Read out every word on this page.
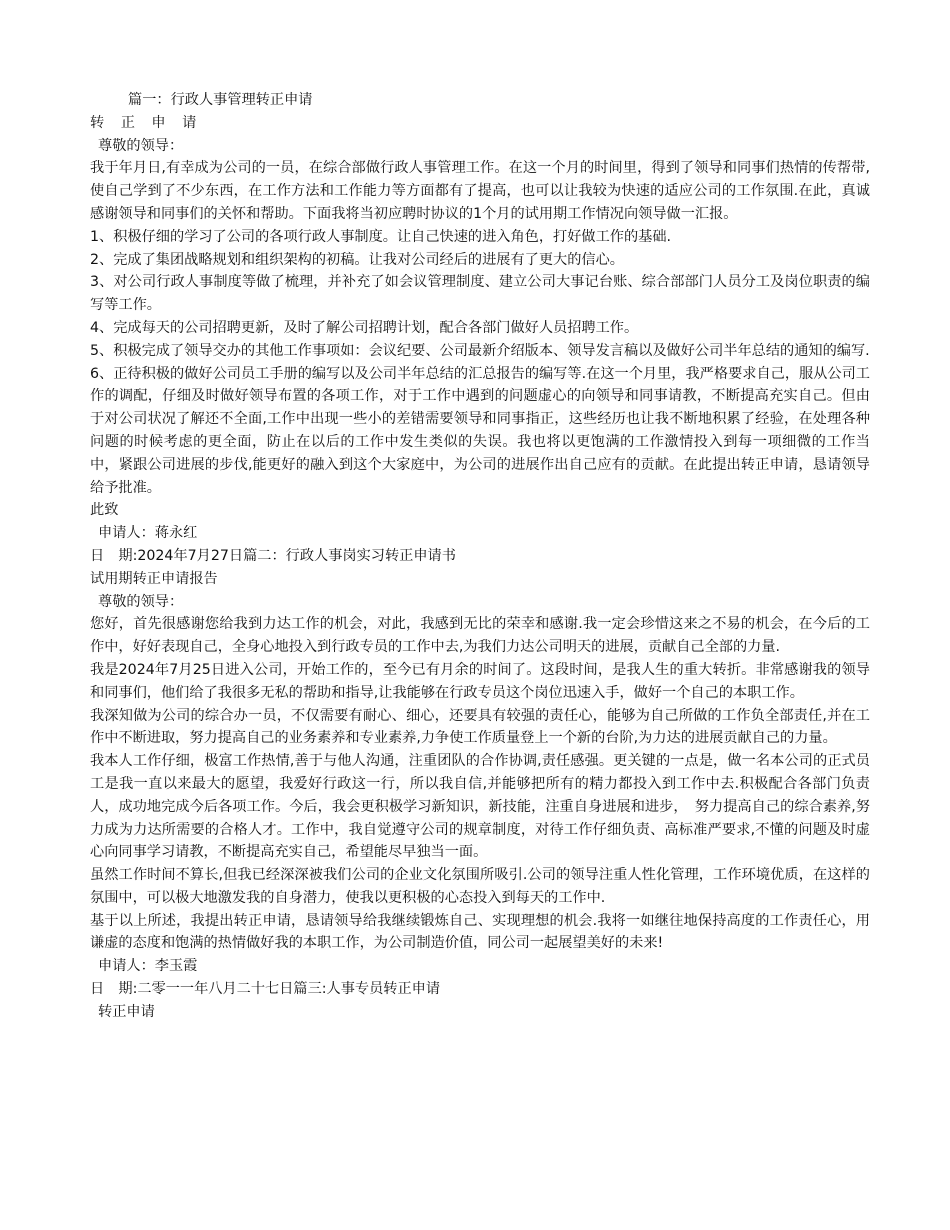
篇一：行政人事管理转正申请

转 正 申 请

尊敬的领导：

我于年月日,有幸成为公司的一员，在综合部做行政人事管理工作。在这一个月的时间里，得到了领导和同事们热情的传帮带,使自己学到了不少东西，在工作方法和工作能力等方面都有了提高，也可以让我较为快速的适应公司的工作氛围.在此，真诚感谢领导和同事们的关怀和帮助。下面我将当初应聘时协议的1个月的试用期工作情况向领导做一汇报。

1、积极仔细的学习了公司的各项行政人事制度。让自己快速的进入角色，打好做工作的基础.

2、完成了集团战略规划和组织架构的初稿。让我对公司经后的进展有了更大的信心。

3、对公司行政人事制度等做了梳理，并补充了如会议管理制度、建立公司大事记台账、综合部部门人员分工及岗位职责的编写等工作。

4、完成每天的公司招聘更新，及时了解公司招聘计划，配合各部门做好人员招聘工作。

5、积极完成了领导交办的其他工作事项如：会议纪要、公司最新介绍版本、领导发言稿以及做好公司半年总结的通知的编写.

6、正待积极的做好公司员工手册的编写以及公司半年总结的汇总报告的编写等.在这一个月里，我严格要求自己，服从公司工作的调配，仔细及时做好领导布置的各项工作，对于工作中遇到的问题虚心的向领导和同事请教，不断提高充实自己。但由于对公司状况了解还不全面,工作中出现一些小的差错需要领导和同事指正，这些经历也让我不断地积累了经验，在处理各种问题的时候考虑的更全面，防止在以后的工作中发生类似的失误。我也将以更饱满的工作激情投入到每一项细微的工作当中，紧跟公司进展的步伐,能更好的融入到这个大家庭中，为公司的进展作出自己应有的贡献。在此提出转正申请，恳请领导给予批准。

此致

申请人：蒋永红

日　期:2024年7月27日篇二：行政人事岗实习转正申请书

试用期转正申请报告

尊敬的领导：

您好，首先很感谢您给我到力达工作的机会，对此，我感到无比的荣幸和感谢.我一定会珍惜这来之不易的机会，在今后的工作中，好好表现自己，全身心地投入到行政专员的工作中去,为我们力达公司明天的进展，贡献自己全部的力量.

我是2024年7月25日进入公司，开始工作的，至今已有月余的时间了。这段时间，是我人生的重大转折。非常感谢我的领导和同事们，他们给了我很多无私的帮助和指导,让我能够在行政专员这个岗位迅速入手，做好一个自己的本职工作。

我深知做为公司的综合办一员，不仅需要有耐心、细心，还要具有较强的责任心，能够为自己所做的工作负全部责任,并在工作中不断进取，努力提高自己的业务素养和专业素养,力争使工作质量登上一个新的台阶,为力达的进展贡献自己的力量。

我本人工作仔细，极富工作热情,善于与他人沟通，注重团队的合作协调,责任感强。更关键的一点是，做一名本公司的正式员工是我一直以来最大的愿望，我爱好行政这一行，所以我自信,并能够把所有的精力都投入到工作中去.积极配合各部门负责人，成功地完成今后各项工作。今后，我会更积极学习新知识，新技能，注重自身进展和进步，　努力提高自己的综合素养,努力成为力达所需要的合格人才。工作中，我自觉遵守公司的规章制度，对待工作仔细负责、高标准严要求,不懂的问题及时虚心向同事学习请教，不断提高充实自己，希望能尽早独当一面。

虽然工作时间不算长,但我已经深深被我们公司的企业文化氛围所吸引.公司的领导注重人性化管理，工作环境优质，在这样的氛围中，可以极大地激发我的自身潜力，使我以更积极的心态投入到每天的工作中.

基于以上所述，我提出转正申请，恳请领导给我继续锻炼自己、实现理想的机会.我将一如继往地保持高度的工作责任心，用谦虚的态度和饱满的热情做好我的本职工作，为公司制造价值，同公司一起展望美好的未来!

申请人：李玉霞

日　期:二零一一年八月二十七日篇三:人事专员转正申请

转正申请
